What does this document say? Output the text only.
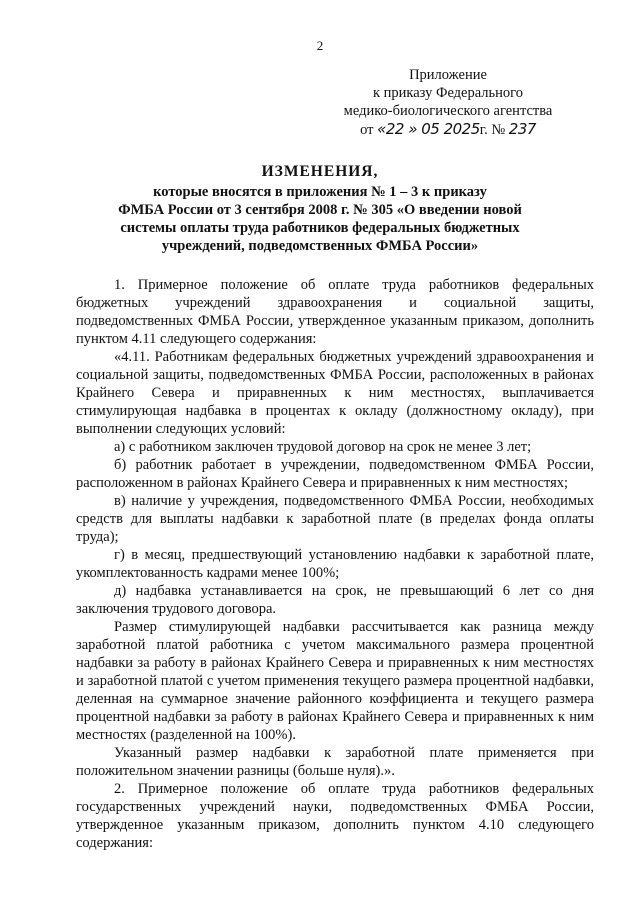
2
Приложение
к приказу Федерального
медико-биологического агентства
от «22 » 05 2025г. № 237
ИЗМЕНЕНИЯ,
которые вносятся в приложения № 1 – 3 к приказу
ФМБА России от 3 сентября 2008 г. № 305 «О введении новой
системы оплаты труда работников федеральных бюджетных
учреждений, подведомственных ФМБА России»

1. Примерное положение об оплате труда работников федеральных бюджетных учреждений здравоохранения и социальной защиты, подведомственных ФМБА России, утвержденное указанным приказом, дополнить пунктом 4.11 следующего содержания:

«4.11. Работникам федеральных бюджетных учреждений здравоохранения и социальной защиты, подведомственных ФМБА России, расположенных в районах Крайнего Севера и приравненных к ним местностях, выплачивается стимулирующая надбавка в процентах к окладу (должностному окладу), при выполнении следующих условий:

а) с работником заключен трудовой договор на срок не менее 3 лет;

б) работник работает в учреждении, подведомственном ФМБА России, расположенном в районах Крайнего Севера и приравненных к ним местностях;

в) наличие у учреждения, подведомственного ФМБА России, необходимых средств для выплаты надбавки к заработной плате (в пределах фонда оплаты труда);

г) в месяц, предшествующий установлению надбавки к заработной плате, укомплектованность кадрами менее 100%;

д) надбавка устанавливается на срок, не превышающий 6 лет со дня заключения трудового договора.

Размер стимулирующей надбавки рассчитывается как разница между заработной платой работника с учетом максимального размера процентной надбавки за работу в районах Крайнего Севера и приравненных к ним местностях и заработной платой с учетом применения текущего размера процентной надбавки, деленная на суммарное значение районного коэффициента и текущего размера процентной надбавки за работу в районах Крайнего Севера и приравненных к ним местностях (разделенной на 100%).

Указанный размер надбавки к заработной плате применяется при положительном значении разницы (больше нуля).».

2. Примерное положение об оплате труда работников федеральных государственных учреждений науки, подведомственных ФМБА России, утвержденное указанным приказом, дополнить пунктом 4.10 следующего содержания:
